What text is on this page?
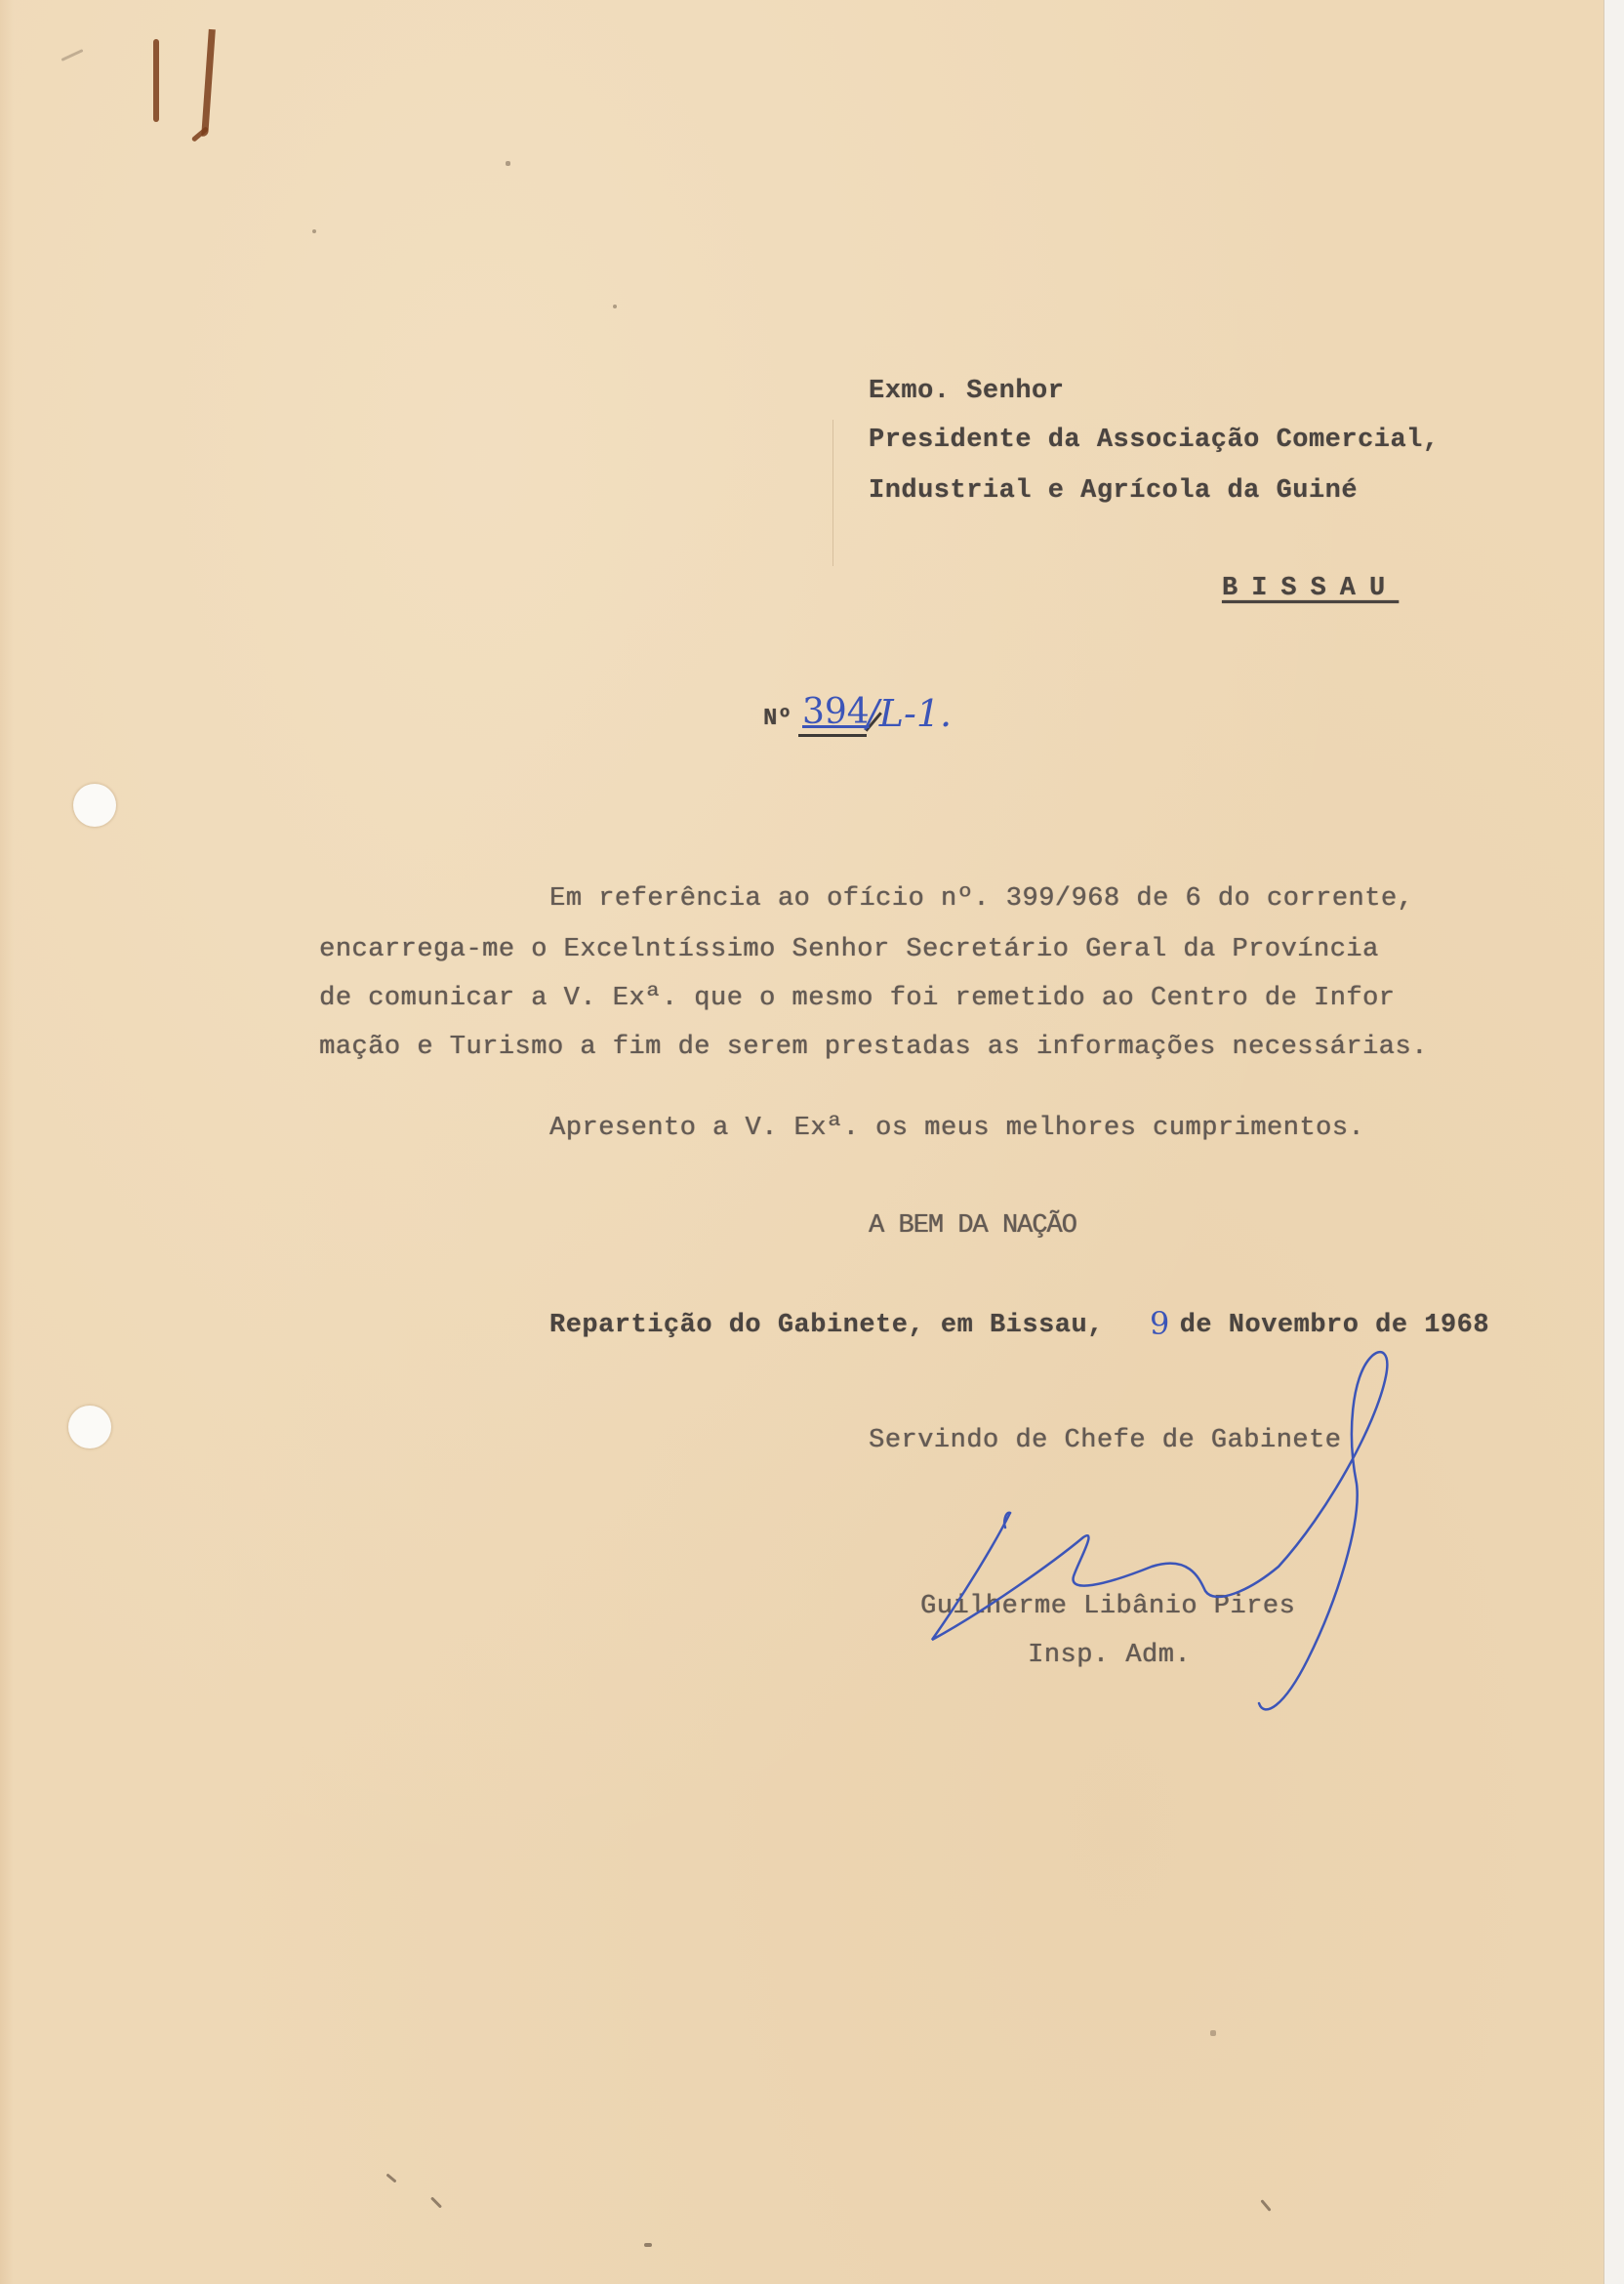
Exmo. Senhor
Presidente da Associação Comercial,
Industrial e Agrícola da Guiné
BISSAU
Nº 394
/L-1.
Em referência ao ofício nº. 399/968 de 6 do corrente,
encarrega-me o Excelntíssimo Senhor Secretário Geral da Província
de comunicar a V. Exª. que o mesmo foi remetido ao Centro de Infor
mação e Turismo a fim de serem prestadas as informações necessárias.
Apresento a V. Exª. os meus melhores cumprimentos.
A BEM DA NAÇÃO
Repartição do Gabinete, em Bissau, 9
de Novembro de 1968
Servindo de Chefe de Gabinete
Guilherme Libânio Pires
Insp. Adm.
